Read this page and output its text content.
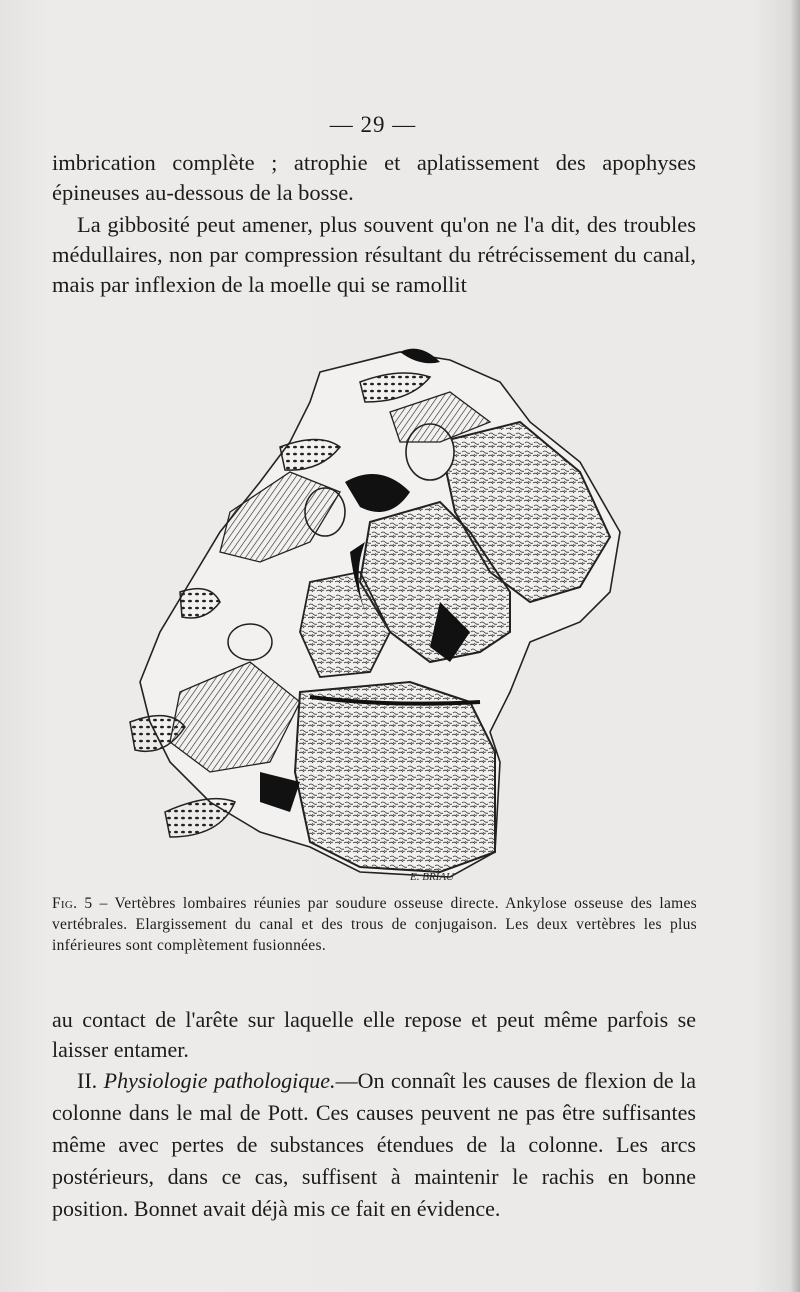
— 29 —
imbrication complète ; atrophie et aplatissement des apophyses épineuses au-dessous de la bosse.
La gibbosité peut amener, plus souvent qu'on ne l'a dit, des troubles médullaires, non par compression résultant du rétrécissement du canal, mais par inflexion de la moelle qui se ramollit
E. BRIAU
Fig. 5 – Vertèbres lombaires réunies par soudure osseuse directe. Ankylose osseuse des lames vertébrales. Elargissement du canal et des trous de conjugaison. Les deux vertèbres les plus inférieures sont complètement fusionnées.
au contact de l'arête sur laquelle elle repose et peut même parfois se laisser entamer.
II. Physiologie pathologique.—On connaît les causes de flexion de la colonne dans le mal de Pott. Ces causes peuvent ne pas être suffisantes même avec pertes de substances étendues de la colonne. Les arcs postérieurs, dans ce cas, suffisent à maintenir le rachis en bonne position. Bonnet avait déjà mis ce fait en évidence.
